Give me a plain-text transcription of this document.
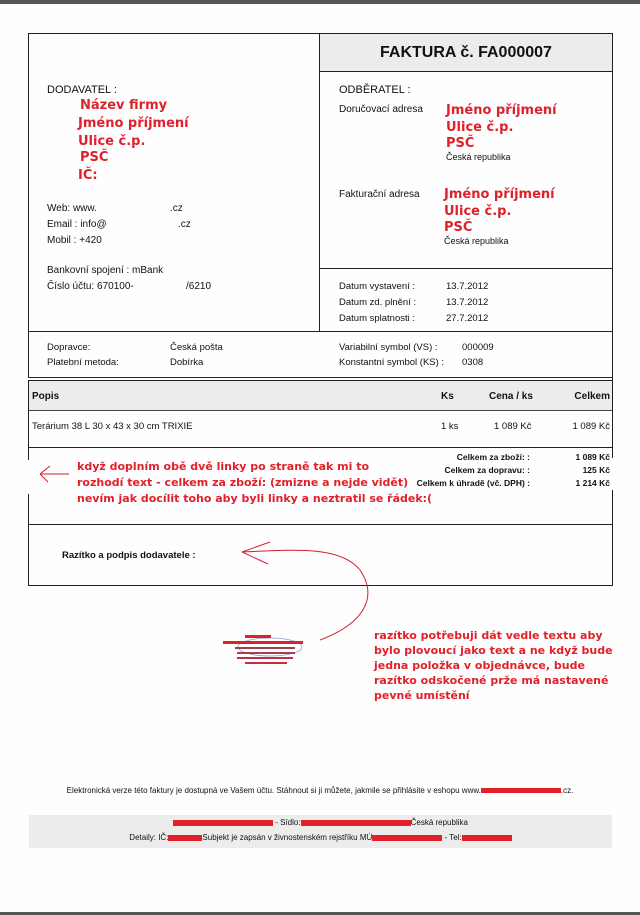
FAKTURA č. FA000007
DODAVATEL :
Název firmy
Jméno příjmení
Ulice č.p.
PSČ
IČ:
Web: www.	.cz
Email : info@	.cz
Mobil : +420
Bankovní spojení : mBank
Číslo účtu: 670100-	/6210
ODBĚRATEL :
Doručovací adresa Jméno příjmení
Ulice č.p.
PSČ
Česká republika
Fakturační adresa Jméno příjmení
Ulice č.p.
PSČ
Česká republika
Datum vystavení :	13.7.2012
Datum zd. plnění :	13.7.2012
Datum splatnosti :	27.7.2012
Dopravce:	Česká pošta
Platební metoda:	Dobírka
Variabilní symbol (VS) :	000009
Konstantní symbol (KS) : 0308
Popis	Ks	Cena / ks	Celkem
Terárium 38 L 30 x 43 x 30 cm TRIXIE	1 ks	1 089 Kč	1 089 Kč
Celkem za zboží: :	1 089 Kč
Celkem za dopravu: :	125 Kč
Celkem k úhradě (vč. DPH) :	1 214 Kč
Razítko a podpis dodavatele :
když doplním obě dvě linky po straně tak mi to
rozhodí text - celkem za zboží: (zmizne a nejde vidět)
nevím jak docílit toho aby byli linky a neztratil se řádek:(
razítko potřebuji dát vedle textu aby
bylo plovoucí jako text a ne když bude
jedna položka v objednávce, bude
razítko odskočené prže má nastavené
pevné umístění
Elektronická verze této faktury je dostupná ve Vašem účtu. Stáhnout si ji můžete, jakmile se přihlásite v eshopu www.	.cz.
- Sídlo:	Česká republika
Detaily: IČ:	Subjekt je zapsán v živnostenském rejstříku MÚ	- Tel:
